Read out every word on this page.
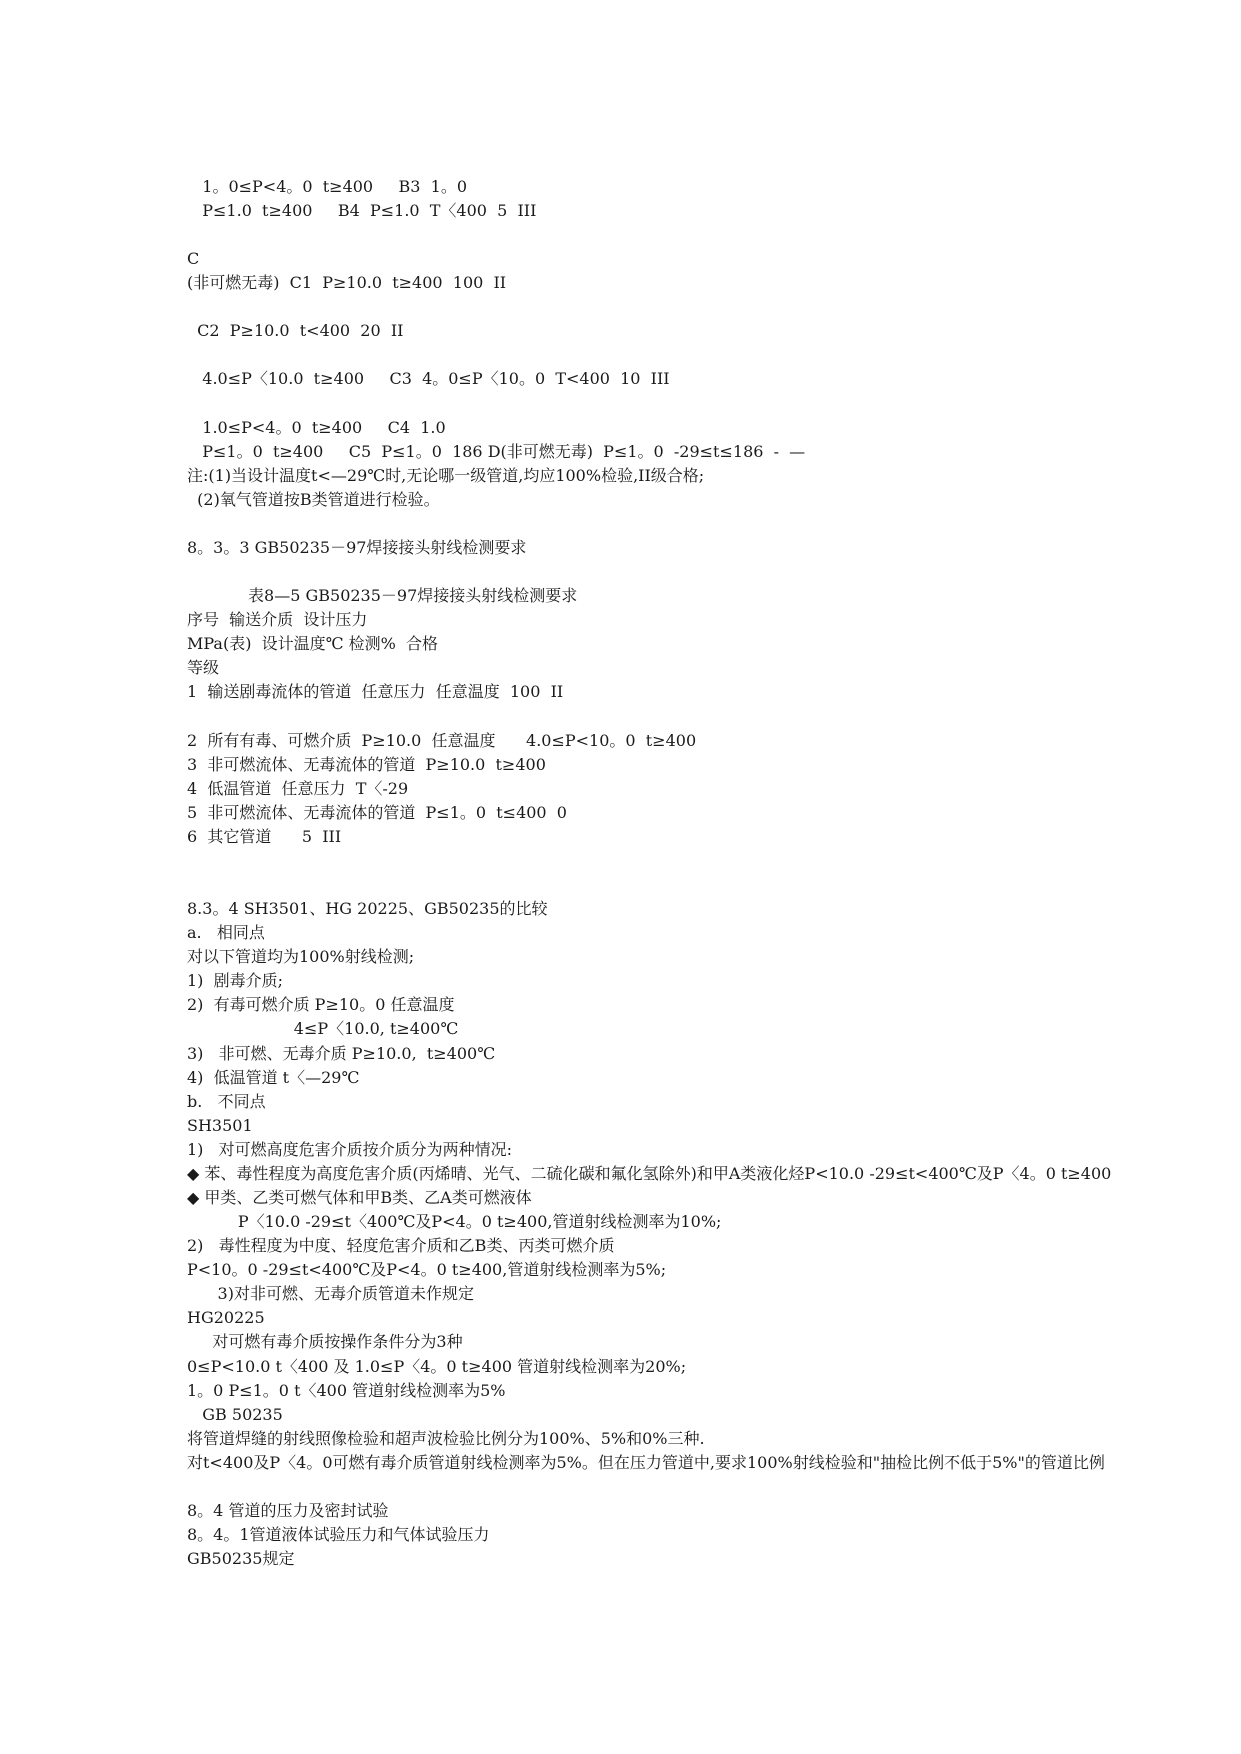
1。0≤P<4。0  t≥400     B3  1。0
P≤1.0  t≥400     B4  P≤1.0  T〈400  5  III
C
(非可燃无毒)  C1  P≥10.0  t≥400  100  II
C2  P≥10.0  t<400  20  II
4.0≤P〈10.0  t≥400     C3  4。0≤P〈10。0  T<400  10  III
1.0≤P<4。0  t≥400     C4  1.0
P≤1。0  t≥400     C5  P≤1。0  186 D(非可燃无毒)  P≤1。0  -29≤t≤186  -  —
注:(1)当设计温度t<—29℃时,无论哪一级管道,均应100%检验,II级合格;
(2)氧气管道按B类管道进行检验。
8。3。3 GB50235－97焊接接头射线检测要求
表8—5 GB50235－97焊接接头射线检测要求
序号  输送介质  设计压力
MPa(表)  设计温度℃ 检测%  合格
等级
1  输送剧毒流体的管道  任意压力  任意温度  100  II
2  所有有毒、可燃介质  P≥10.0  任意温度      4.0≤P<10。0  t≥400
3  非可燃流体、无毒流体的管道  P≥10.0  t≥400
4  低温管道  任意压力  T〈-29
5  非可燃流体、无毒流体的管道  P≤1。0  t≤400  0
6  其它管道      5  III
8.3。4 SH3501、HG 20225、GB50235的比较
a.   相同点
对以下管道均为100%射线检测;
1)  剧毒介质;
2)  有毒可燃介质 P≥10。0 任意温度
4≤P〈10.0, t≥400℃
3)   非可燃、无毒介质 P≥10.0,  t≥400℃
4)  低温管道 t〈—29℃
b.   不同点
SH3501
1)   对可燃高度危害介质按介质分为两种情况:
◆ 苯、毒性程度为高度危害介质(丙烯晴、光气、二硫化碳和氟化氢除外)和甲A类液化烃P<10.0 -29≤t<400℃及P〈4。0 t≥400
◆ 甲类、乙类可燃气体和甲B类、乙A类可燃液体
P〈10.0 -29≤t〈400℃及P<4。0 t≥400,管道射线检测率为10%;
2)   毒性程度为中度、轻度危害介质和乙B类、丙类可燃介质
P<10。0 -29≤t<400℃及P<4。0 t≥400,管道射线检测率为5%;
3)对非可燃、无毒介质管道未作规定
HG20225
对可燃有毒介质按操作条件分为3种
0≤P<10.0 t〈400 及 1.0≤P〈4。0 t≥400 管道射线检测率为20%;
1。0 P≤1。0 t〈400 管道射线检测率为5%
GB 50235
将管道焊缝的射线照像检验和超声波检验比例分为100%、5%和0%三种.
对t<400及P〈4。0可燃有毒介质管道射线检测率为5%。但在压力管道中,要求100%射线检验和"抽检比例不低于5%"的管道比例
8。4 管道的压力及密封试验
8。4。1管道液体试验压力和气体试验压力
GB50235规定
